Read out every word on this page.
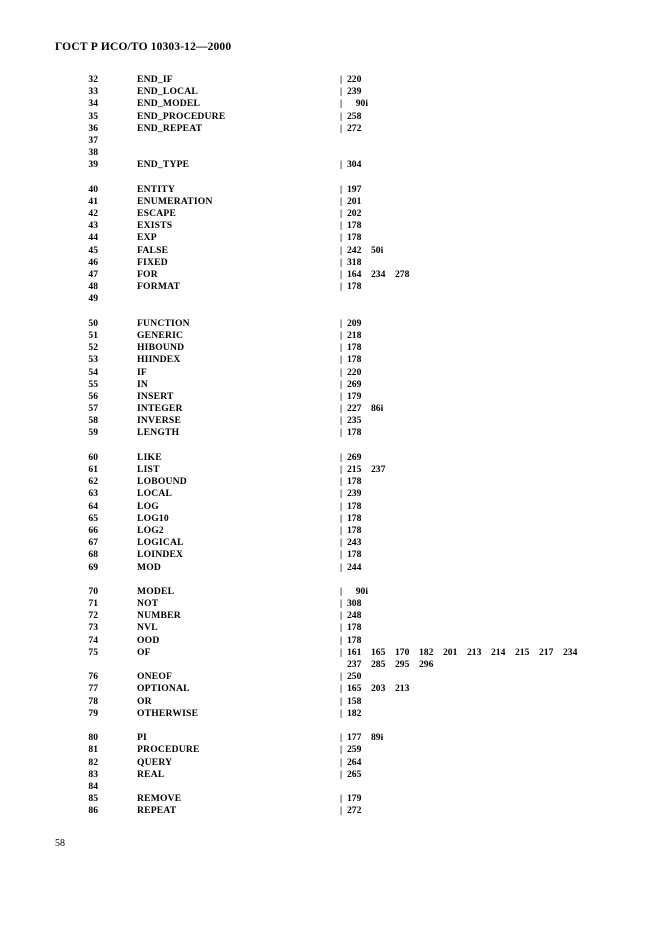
ГОСТ Р ИСО/ТО 10303-12—2000
32	END_IF	| 220
33	END_LOCAL	| 239
34	END_MODEL	| 90i
35	END_PROCEDURE	| 258
36	END_REPEAT	| 272
37
38
39	END_TYPE	| 304
40	ENTITY	| 197
41	ENUMERATION	| 201
42	ESCAPE	| 202
43	EXISTS	| 178
44	EXP	| 178
45	FALSE	| 242 50i
46	FIXED	| 318
47	FOR	| 164 234 278
48	FORMAT	| 178
49
50	FUNCTION	| 209
51	GENERIC	| 218
52	HIBOUND	| 178
53	HIINDEX	| 178
54	IF	| 220
55	IN	| 269
56	INSERT	| 179
57	INTEGER	| 227 86i
58	INVERSE	| 235
59	LENGTH	| 178
60	LIKE	| 269
61	LIST	| 215 237
62	LOBOUND	| 178
63	LOCAL	| 239
64	LOG	| 178
65	LOG10	| 178
66	LOG2	| 178
67	LOGICAL	| 243
68	LOINDEX	| 178
69	MOD	| 244
70	MODEL	| 90i
71	NOT	| 308
72	NUMBER	| 248
73	NVL	| 178
74	OOD	| 178
75	OF	| 161 165 170 182 201 213 214 215 217 234
237 285 295 296
76	ONEOF	| 250
77	OPTIONAL	| 165 203 213
78	OR	| 158
79	OTHERWISE	| 182
80	PI	| 177 89i
81	PROCEDURE	| 259
82	QUERY	| 264
83	REAL	| 265
84
85	REMOVE	| 179
86	REPEAT	| 272
58
